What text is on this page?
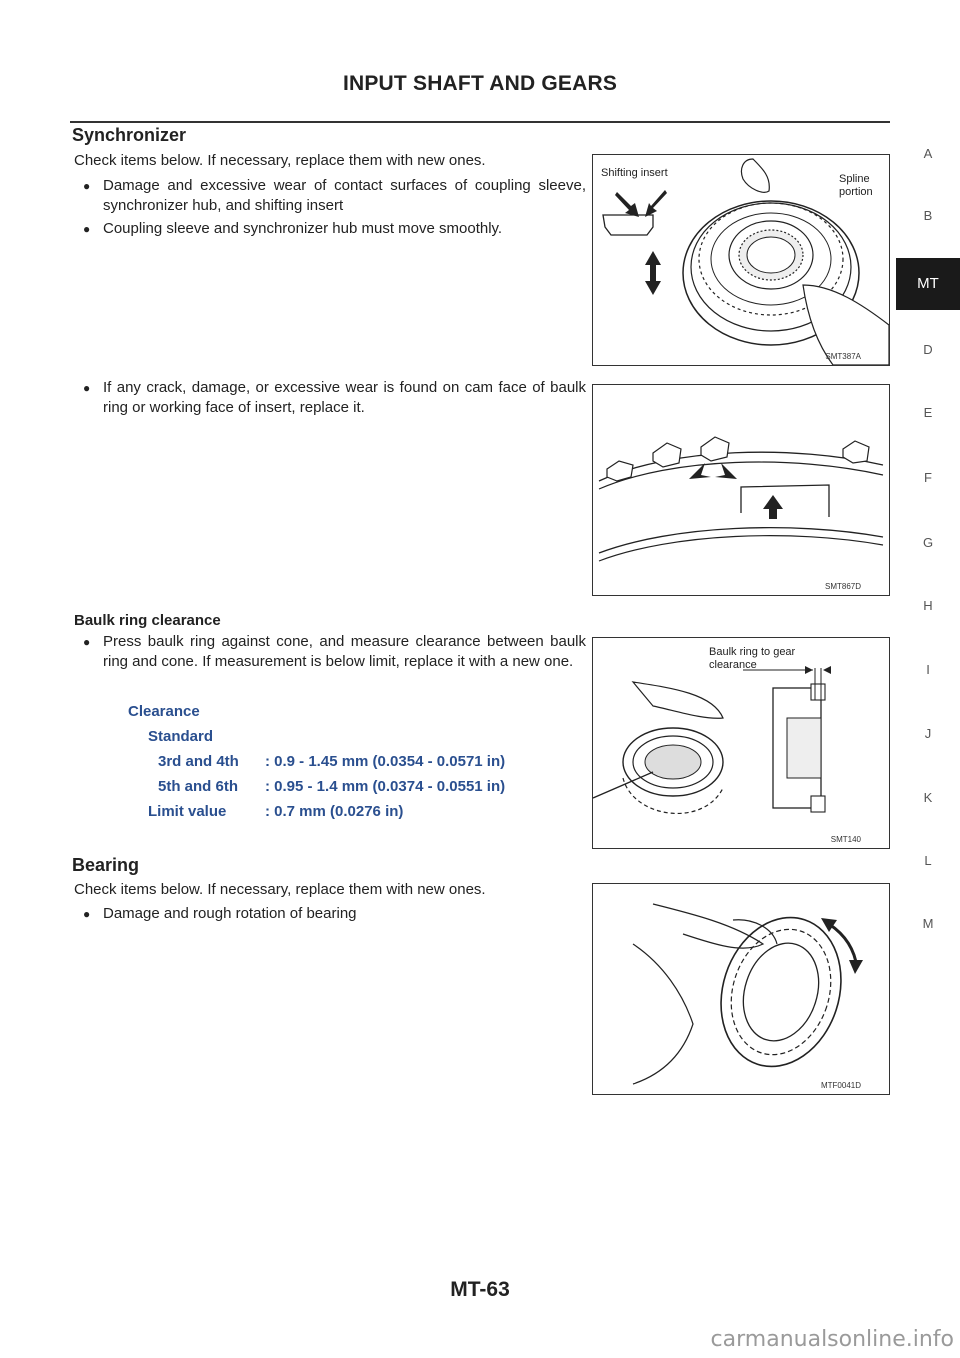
INPUT SHAFT AND GEARS
Synchronizer
Check items below. If necessary, replace them with new ones.
● Damage and excessive wear of contact surfaces of coupling sleeve, synchronizer hub, and shifting insert
● Coupling sleeve and synchronizer hub must move smoothly.
Shifting insert	Spline portion
SMT387A
● If any crack, damage, or excessive wear is found on cam face of baulk ring or working face of insert, replace it.
SMT867D
Baulk ring clearance
● Press baulk ring against cone, and measure clearance between baulk ring and cone. If measurement is below limit, replace it with a new one.
Clearance
Standard
3rd and 4th : 0.9 - 1.45 mm (0.0354 - 0.0571 in)
5th and 6th : 0.95 - 1.4 mm (0.0374 - 0.0551 in)
Limit value	: 0.7 mm (0.0276 in)
Baulk ring to gear clearance
SMT140
Bearing
Check items below. If necessary, replace them with new ones.
● Damage and rough rotation of bearing
MTF0041D
A
B
MT
D
E
F
G
H
I
J
K
L
M
MT-63
carmanualsonline.info
